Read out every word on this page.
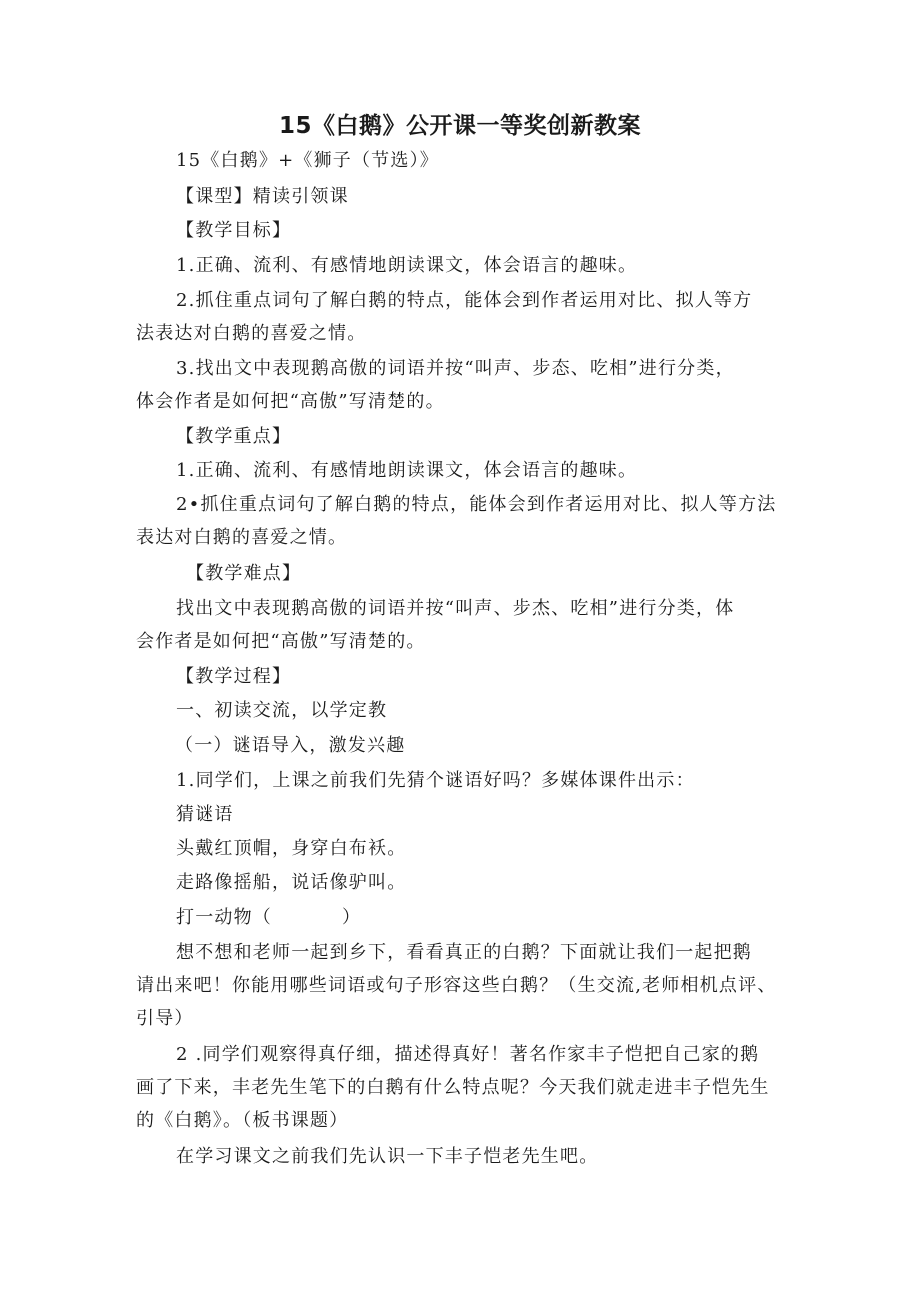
15《白鹅》公开课一等奖创新教案
15《白鹅》+《狮子（节选）》
【课型】精读引领课
【教学目标】
1.正确、流利、有感情地朗读课文，体会语言的趣味。
2.抓住重点词句了解白鹅的特点，能体会到作者运用对比、拟人等方
法表达对白鹅的喜爱之情。
3.找出文中表现鹅高傲的词语并按“叫声、步态、吃相”进行分类，
体会作者是如何把“高傲”写清楚的。
【教学重点】
1.正确、流利、有感情地朗读课文，体会语言的趣味。
2•抓住重点词句了解白鹅的特点，能体会到作者运用对比、拟人等方法
表达对白鹅的喜爱之情。
【教学难点】
找出文中表现鹅高傲的词语并按“叫声、步杰、吃相”进行分类，体
会作者是如何把“高傲”写清楚的。
【教学过程】
一、初读交流，以学定教
（一）谜语导入，激发兴趣
1.同学们，上课之前我们先猜个谜语好吗？多媒体课件出示：
猜谜语
头戴红顶帽，身穿白布袄。
走路像摇船，说话像驴叫。
打一动物（	）
想不想和老师一起到乡下，看看真正的白鹅？下面就让我们一起把鹅
请出来吧！你能用哪些词语或句子形容这些白鹅？（生交流,老师相机点评、
引导）
2 .同学们观察得真仔细，描述得真好！著名作家丰子恺把自己家的鹅
画了下来，丰老先生笔下的白鹅有什么特点呢？今天我们就走进丰子恺先生
的《白鹅》。（板书课题）
在学习课文之前我们先认识一下丰子恺老先生吧。
